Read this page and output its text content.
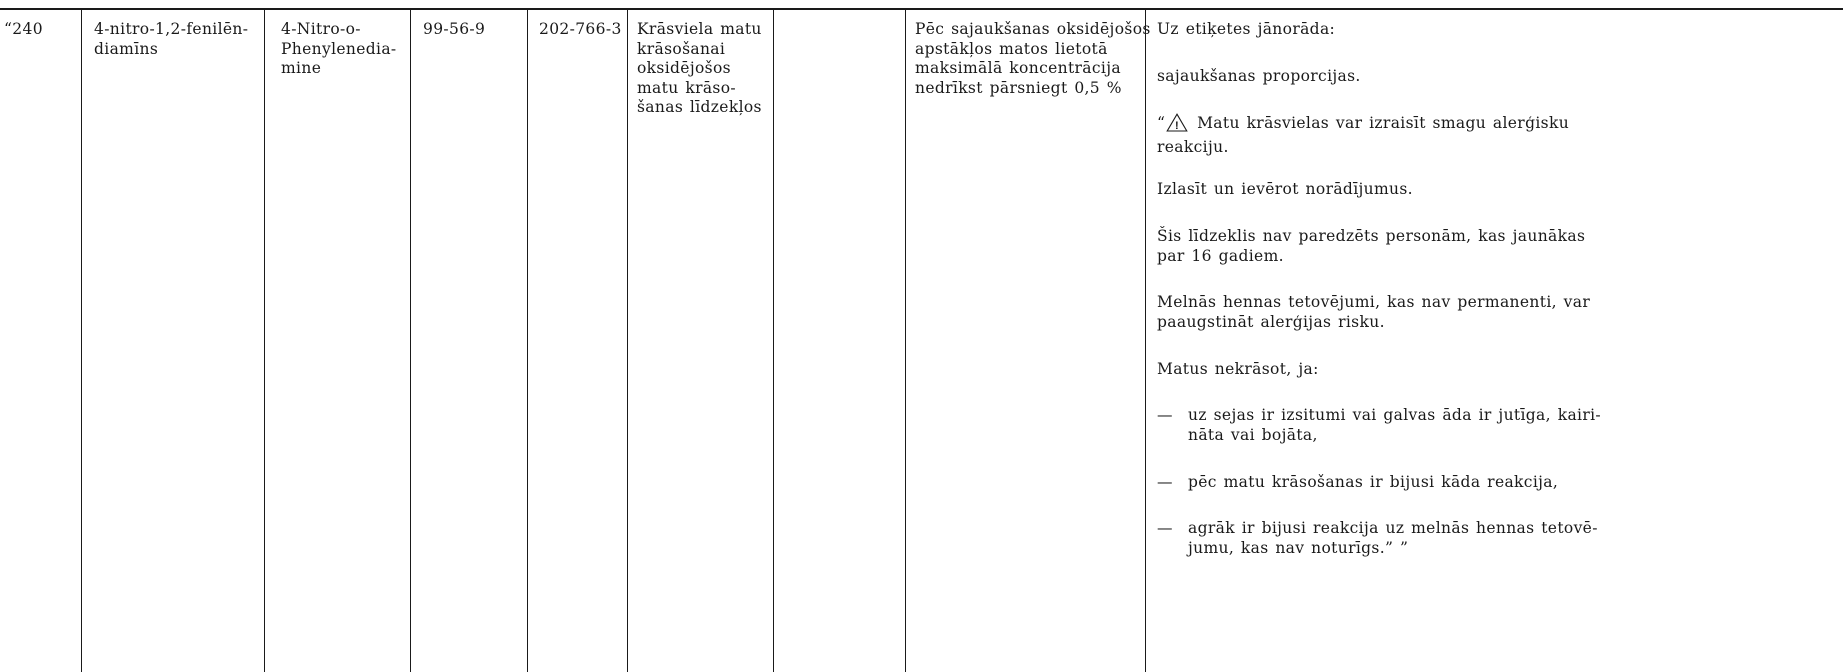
“240	4-nitro-1,2-fenilēn-
diamīns
4-Nitro-o-
Phenylenedia-
mine
99-56-9	202-766-3 Krāsviela matu
krāsošanai
oksidējošos
matu krāso-
šanas līdzekļos
Pēc sajaukšanas oksidējošos
apstākļos matos lietotā
maksimālā koncentrācija
nedrīkst pārsniegt 0,5 %
Uz etiķetes jānorāda:
sajaukšanas proporcijas.
“ ! Matu krāsvielas var izraisīt smagu alerģisku
reakciju.
Izlasīt un ievērot norādījumus.
Šis līdzeklis nav paredzēts personām, kas jaunākas
par 16 gadiem.
Melnās hennas tetovējumi, kas nav permanenti, var
paaugstināt alerģijas risku.
Matus nekrāsot, ja:
— uz sejas ir izsitumi vai galvas āda ir jutīga, kairi-
nāta vai bojāta,
— pēc matu krāsošanas ir bijusi kāda reakcija,
— agrāk ir bijusi reakcija uz melnās hennas tetovē-
jumu, kas nav noturīgs.” ”
